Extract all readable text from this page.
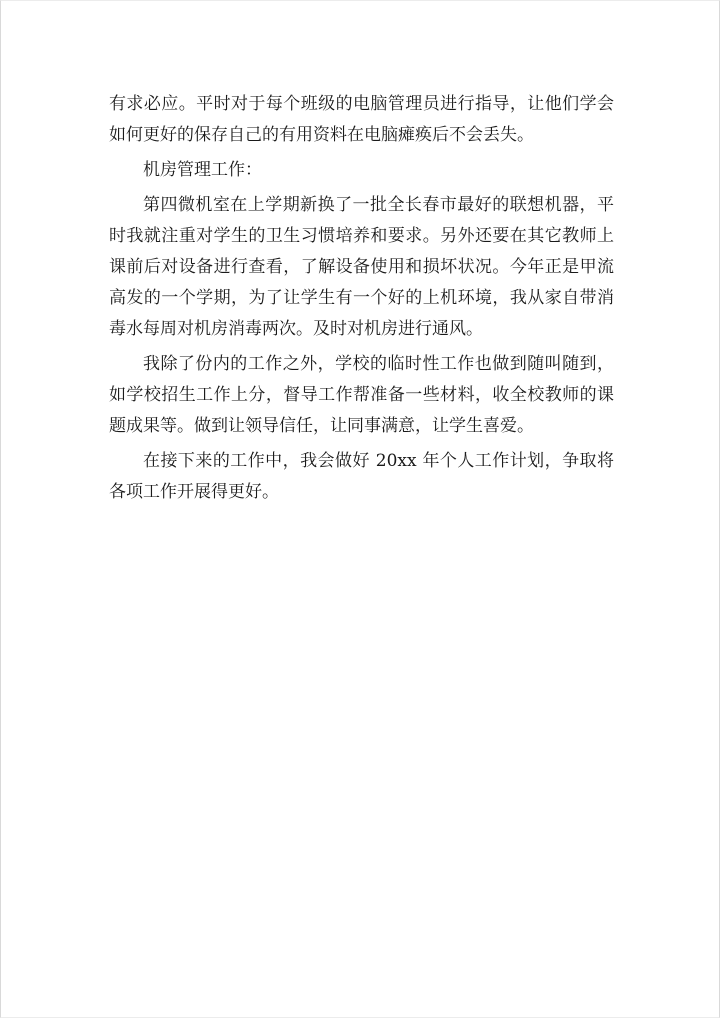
有求必应。平时对于每个班级的电脑管理员进行指导，让他们学会如何更好的保存自己的有用资料在电脑瘫痪后不会丢失。

机房管理工作：

第四微机室在上学期新换了一批全长春市最好的联想机器，平时我就注重对学生的卫生习惯培养和要求。另外还要在其它教师上课前后对设备进行查看，了解设备使用和损坏状况。今年正是甲流高发的一个学期，为了让学生有一个好的上机环境，我从家自带消毒水每周对机房消毒两次。及时对机房进行通风。

我除了份内的工作之外，学校的临时性工作也做到随叫随到，如学校招生工作上分，督导工作帮准备一些材料，收全校教师的课题成果等。做到让领导信任，让同事满意，让学生喜爱。

在接下来的工作中，我会做好 20xx 年个人工作计划，争取将各项工作开展得更好。
